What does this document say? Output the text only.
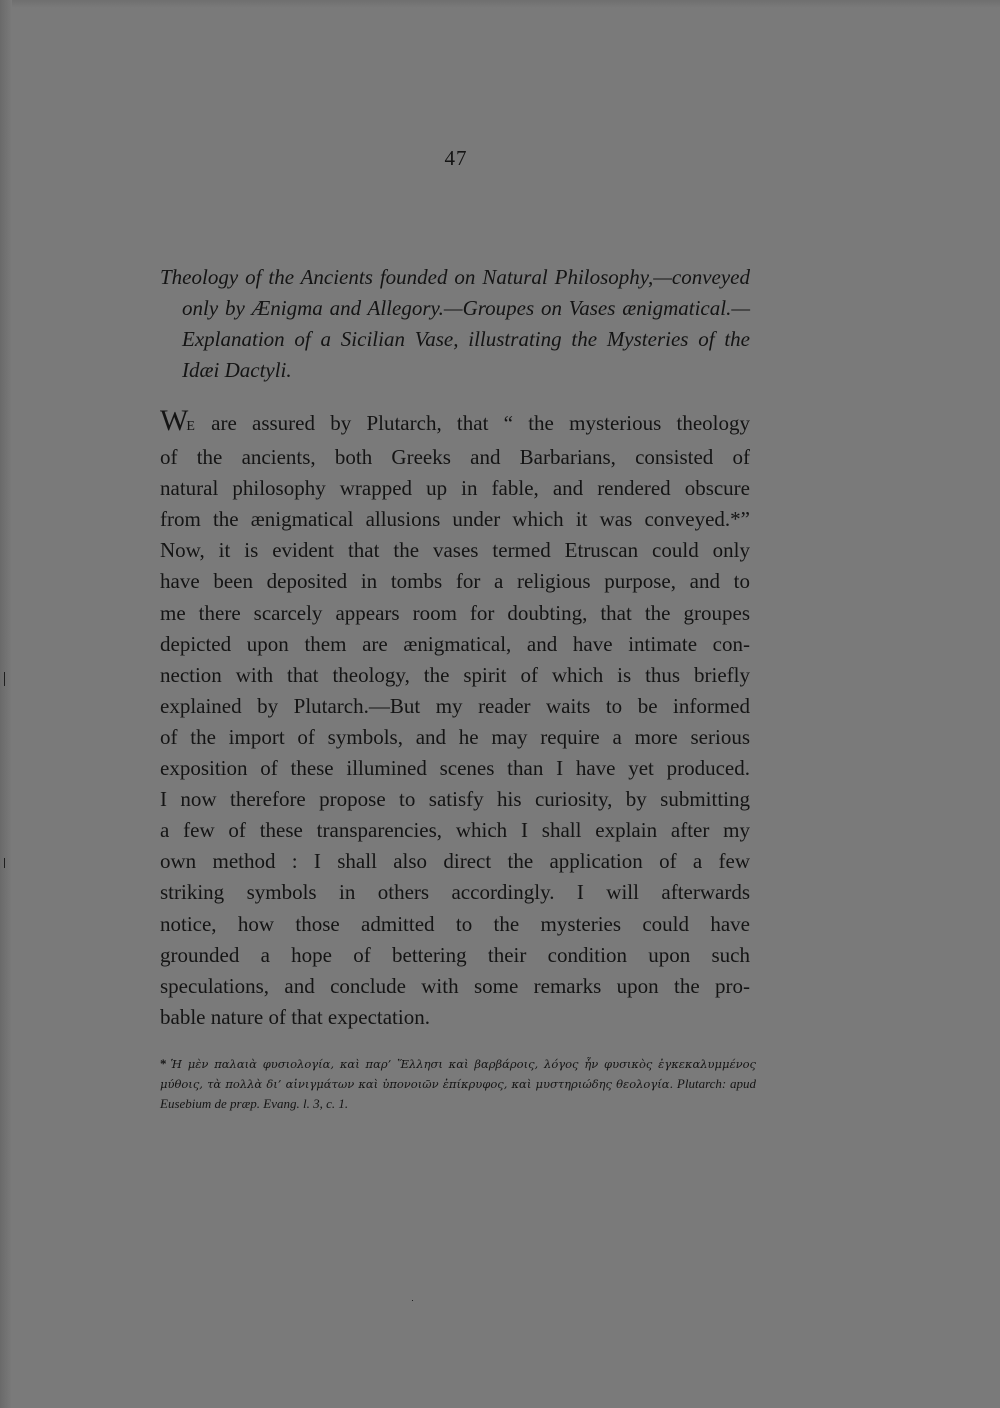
47
Theology of the Ancients founded on Natural Philosophy,—conveyed
only by Ænigma and Allegory.—Groupes on Vases ænigmatical.—
Explanation of a Sicilian Vase, illustrating the Mysteries of the
Idæi Dactyli.
WE are assured by Plutarch, that “ the mysterious theology
of the ancients, both Greeks and Barbarians, consisted of
natural philosophy wrapped up in fable, and rendered obscure
from the ænigmatical allusions under which it was conveyed.*”
Now, it is evident that the vases termed Etruscan could only
have been deposited in tombs for a religious purpose, and to
me there scarcely appears room for doubting, that the groupes
depicted upon them are ænigmatical, and have intimate con-
nection with that theology, the spirit of which is thus briefly
explained by Plutarch.—But my reader waits to be informed
of the import of symbols, and he may require a more serious
exposition of these illumined scenes than I have yet produced.
I now therefore propose to satisfy his curiosity, by submitting
a few of these transparencies, which I shall explain after my
own method : I shall also direct the application of a few
striking symbols in others accordingly. I will afterwards
notice, how those admitted to the mysteries could have
grounded a hope of bettering their condition upon such
speculations, and conclude with some remarks upon the pro-
bable nature of that expectation.
* Ἡ μὲν παλαιὰ φυσιολογία, καὶ παρ’ Ἕλλησι καὶ βαρβάροις, λόγος ἦν φυσικὸς ἐγκεκαλυμμένος
μύθοις, τὰ πολλὰ δι’ αἰνιγμάτων καὶ ὑπονοιῶν ἐπίκρυφος, καὶ μυστηριώδης θεολογία. Plutarch: apud
Eusebium de præp. Evang. l. 3, c. 1.
